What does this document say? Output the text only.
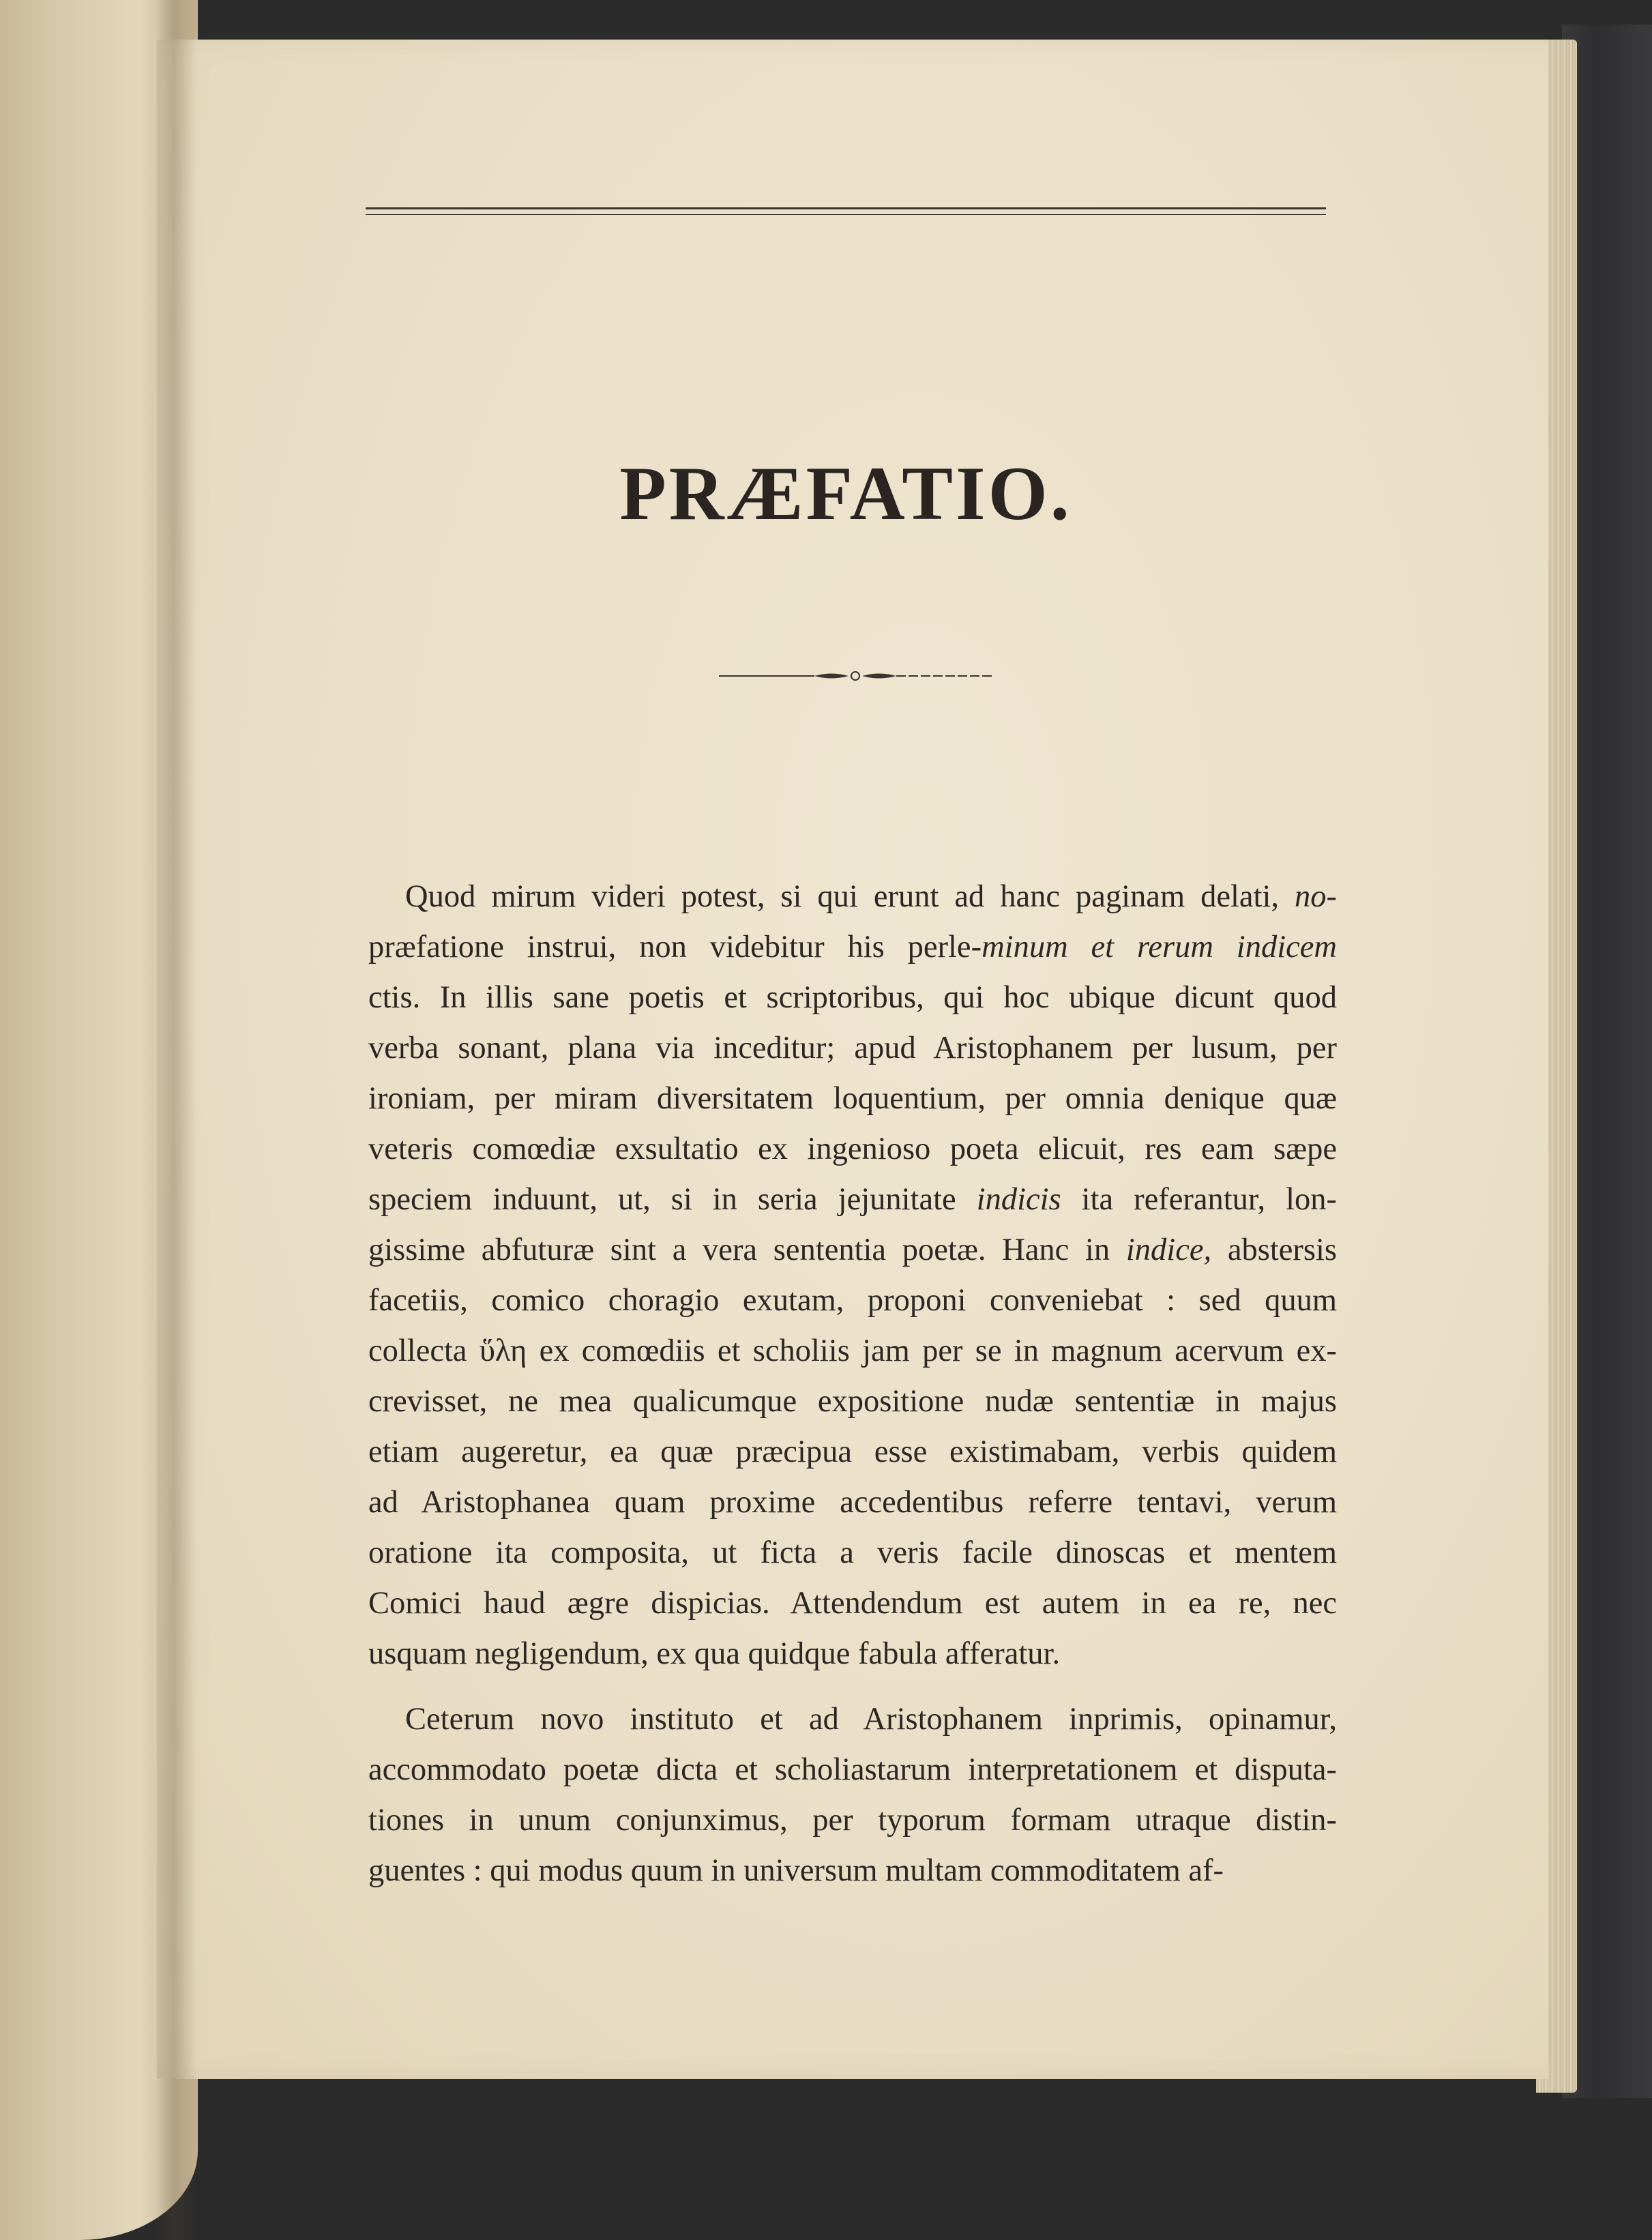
PRÆFATIO.
Quod mirum videri potest, si qui erunt ad hanc paginam delati, no-
præfatione instrui, non videbitur his perle-minum et rerum indicem
ctis. In illis sane poetis et scriptoribus, qui hoc ubique dicunt quod
verba sonant, plana via inceditur; apud Aristophanem per lusum, per
ironiam, per miram diversitatem loquentium, per omnia denique quæ
veteris comœdiæ exsultatio ex ingenioso poeta elicuit, res eam sæpe
speciem induunt, ut, si in seria jejunitate indicis ita referantur, lon-
gissime abfuturæ sint a vera sententia poetæ. Hanc in indice, abstersis
facetiis, comico choragio exutam, proponi conveniebat : sed quum
collecta ὕλη ex comœdiis et scholiis jam per se in magnum acervum ex-
crevisset, ne mea qualicumque expositione nudæ sententiæ in majus
etiam augeretur, ea quæ præcipua esse existimabam, verbis quidem
ad Aristophanea quam proxime accedentibus referre tentavi, verum
oratione ita composita, ut ficta a veris facile dinoscas et mentem
Comici haud ægre dispicias. Attendendum est autem in ea re, nec
usquam negligendum, ex qua quidque fabula afferatur.
Ceterum novo instituto et ad Aristophanem inprimis, opinamur,
accommodato poetæ dicta et scholiastarum interpretationem et disputa-
tiones in unum conjunximus, per typorum formam utraque distin-
guentes : qui modus quum in universum multam commoditatem af-
